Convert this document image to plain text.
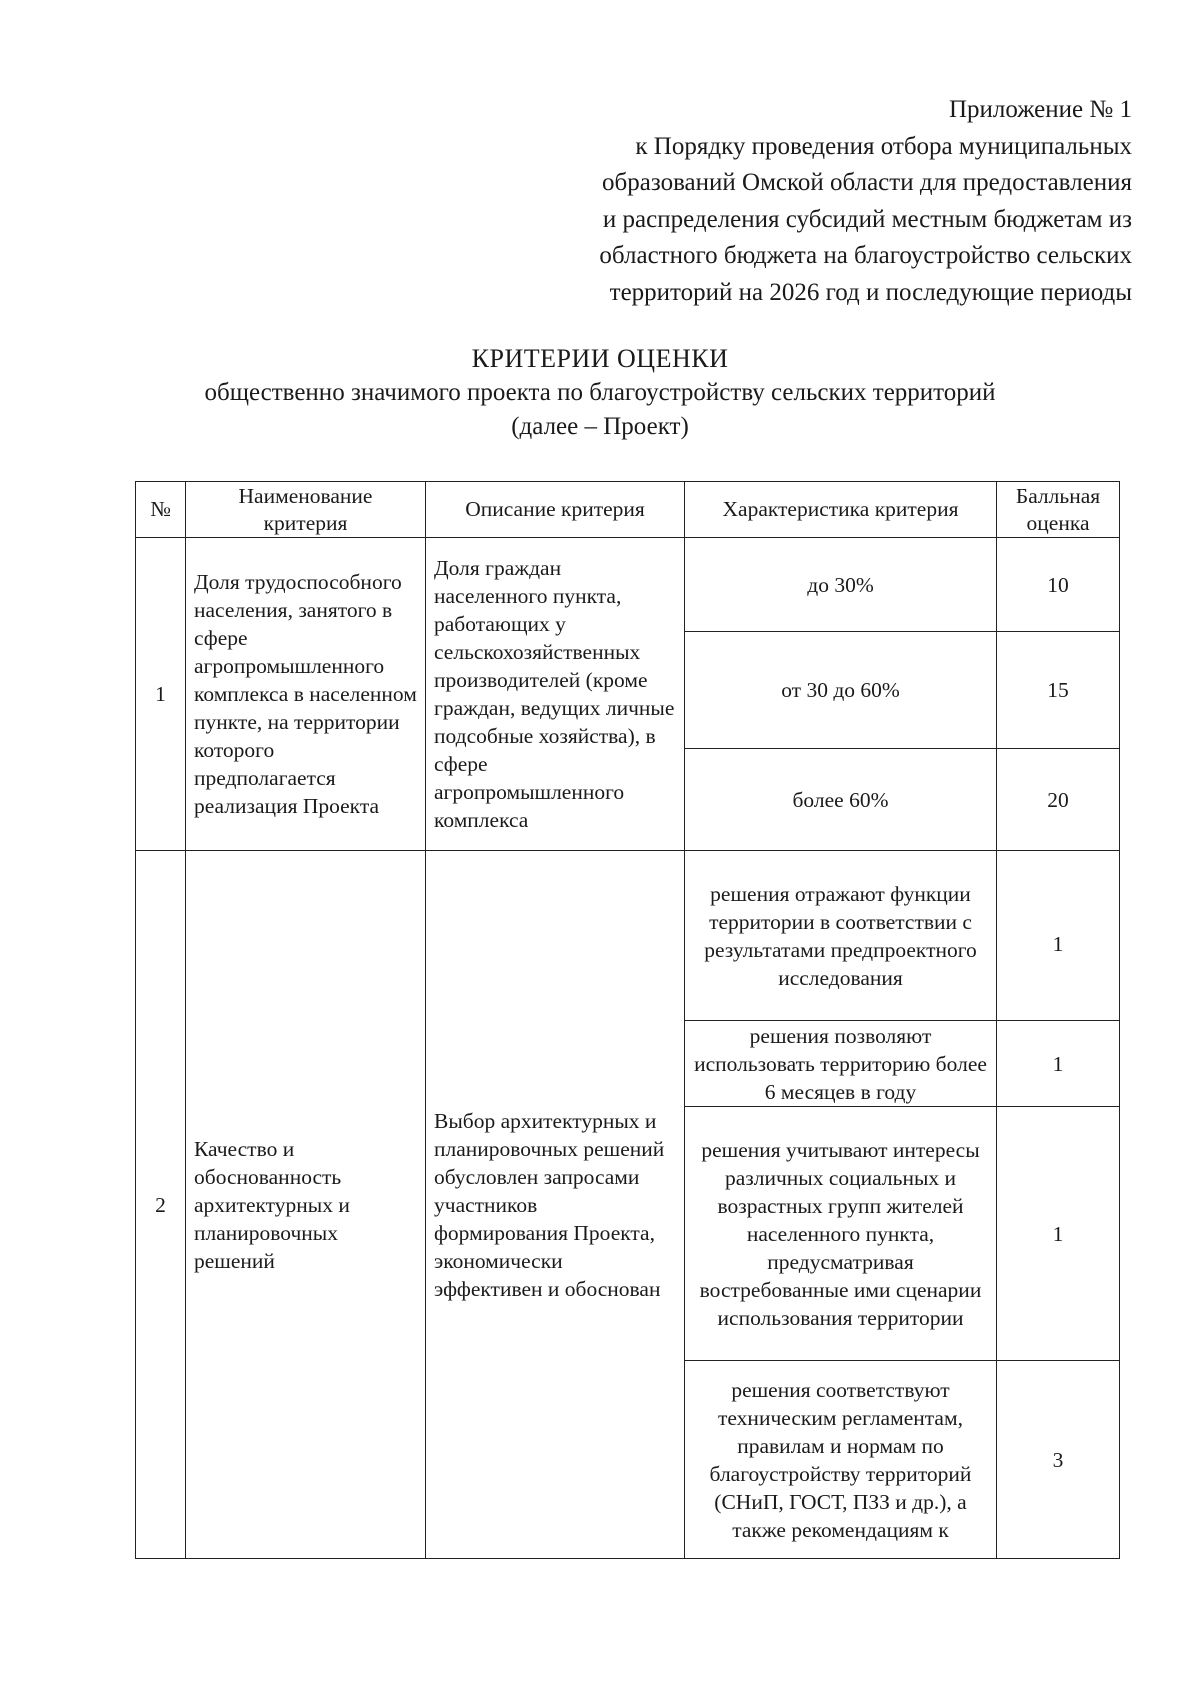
Приложение № 1
к Порядку проведения отбора муниципальных
образований Омской области для предоставления
и распределения субсидий местным бюджетам из
областного бюджета на благоустройство сельских
территорий на 2026 год и последующие периоды
КРИТЕРИИ ОЦЕНКИ
общественно значимого проекта по благоустройству сельских территорий
(далее – Проект)
№	Наименование критерия	Описание критерия	Характеристика критерия	Балльная оценка
1	Доля трудоспособного населения, занятого в сфере агропромышленного комплекса в населенном пункте, на территории которого предполагается реализация Проекта	Доля граждан населенного пункта, работающих у сельскохозяйственных производителей (кроме граждан, ведущих личные подсобные хозяйства), в сфере агропромышленного комплекса	до 30%	10
			от 30 до 60%	15
			более 60%	20
2	Качество и обоснованность архитектурных и планировочных решений	Выбор архитектурных и планировочных решений обусловлен запросами участников формирования Проекта, экономически эффективен и обоснован	решения отражают функции территории в соответствии с результатами предпроектного исследования	1
			решения позволяют использовать территорию более 6 месяцев в году	1
			решения учитывают интересы различных социальных и возрастных групп жителей населенного пункта, предусматривая востребованные ими сценарии использования территории	1
			решения соответствуют техническим регламентам, правилам и нормам по благоустройству территорий (СНиП, ГОСТ, ПЗЗ и др.), а также рекомендациям к	3
